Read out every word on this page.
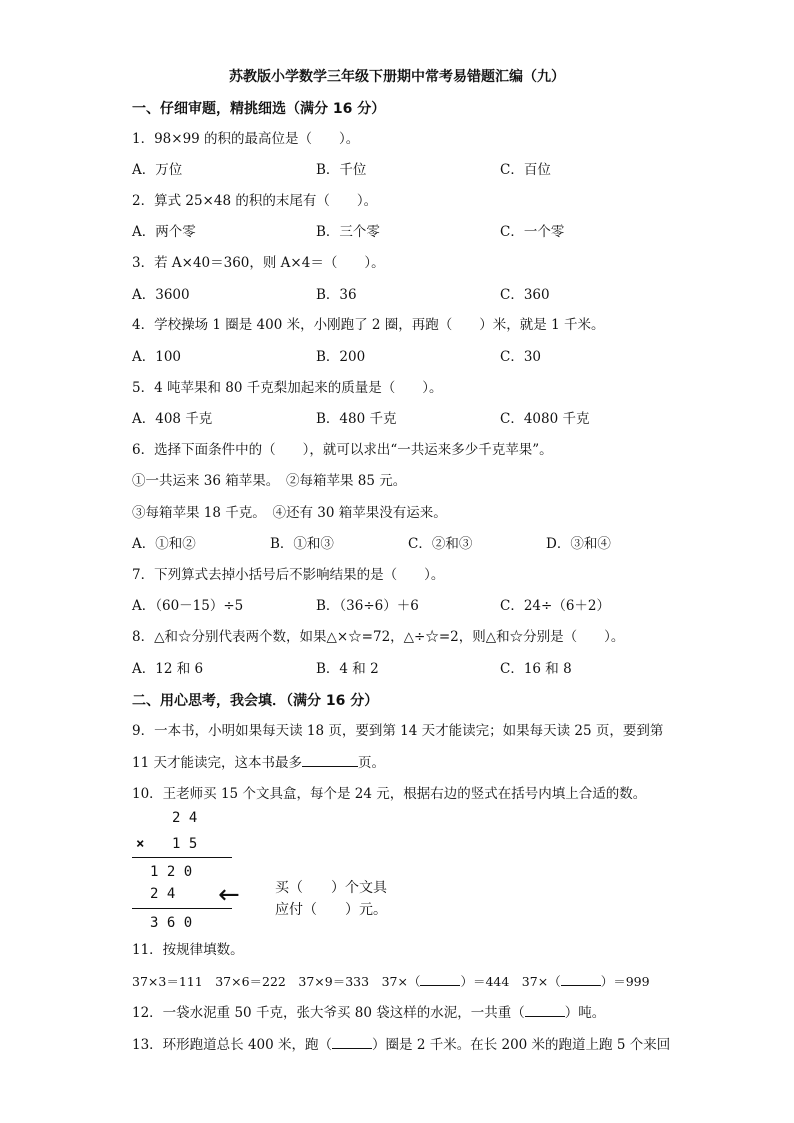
苏教版小学数学三年级下册期中常考易错题汇编（九）
一、仔细审题，精挑细选（满分 16 分）
1．98×99 的积的最高位是（　　）。
A．万位	B．千位	C．百位
2．算式 25×48 的积的末尾有（　　）。
A．两个零	B．三个零	C．一个零
3．若 A×40＝360，则 A×4＝（　　）。
A．3600	B．36	C．360
4．学校操场 1 圈是 400 米，小刚跑了 2 圈，再跑（　　）米，就是 1 千米。
A．100	B．200	C．30
5．4 吨苹果和 80 千克梨加起来的质量是（　　）。
A．408 千克	B．480 千克	C．4080 千克
6．选择下面条件中的（　　），就可以求出“一共运来多少千克苹果”。
①一共运来 36 箱苹果。　②每箱苹果 85 元。
③每箱苹果 18 千克。　④还有 30 箱苹果没有运来。
A．①和②	B．①和③	C．②和③	D．③和④
7．下列算式去掉小括号后不影响结果的是（　　）。
A．（60－15）÷5	B．（36÷6）＋6	C．24÷（6＋2）
8．△和☆分别代表两个数，如果△×☆=72，△÷☆=2，则△和☆分别是（　　）。
A．12 和 6	B．4 和 2	C．16 和 8
二、用心思考，我会填．（满分 16 分）
9．一本书，小明如果每天读 18 页，要到第 14 天才能读完；如果每天读 25 页，要到第
11 天才能读完，这本书最多	页。
10．王老师买 15 个文具盒，每个是 24 元，根据右边的竖式在括号内填上合适的数。
2 4
× 1 5
1 2 0
2 4
3 6 0
←	买（　　）个文具
应付（　　）元。
11．按规律填数。
37×3＝111　37×6＝222　37×9＝333　37×（	）＝444　37×（	）＝999
12．一袋水泥重 50 千克，张大爷买 80 袋这样的水泥，一共重（	）吨。
13．环形跑道总长 400 米，跑（	）圈是 2 千米。在长 200 米的跑道上跑 5 个来回
